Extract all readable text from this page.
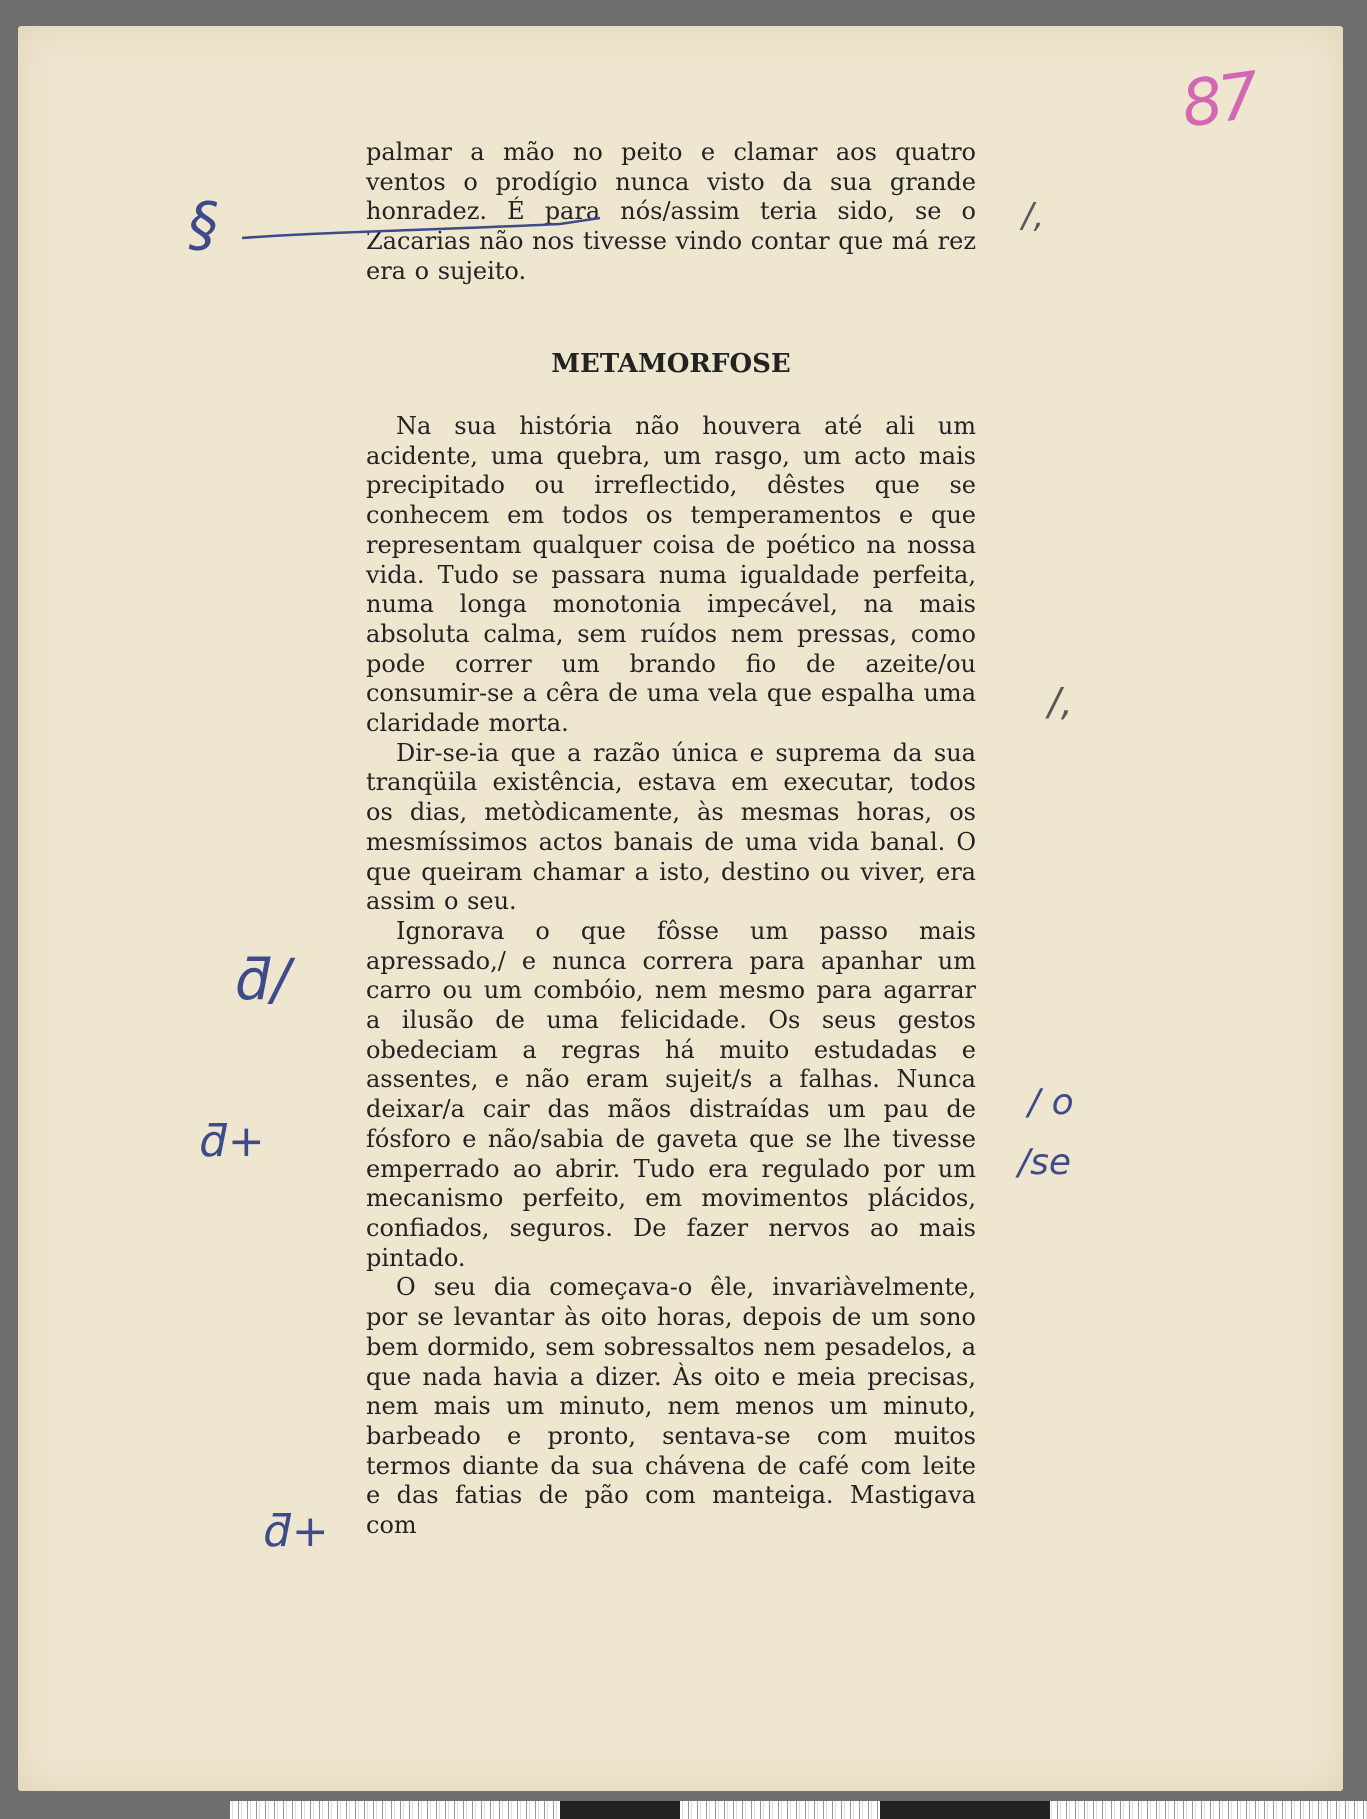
87

palmar a mão no peito e clamar aos quatro ventos o prodígio nunca visto da sua grande honradez. É para nós/assim teria sido, se o Zacarias não nos tivesse vindo contar que má rez era o sujeito.

METAMORFOSE

Na sua história não houvera até ali um acidente, uma quebra, um rasgo, um acto mais precipitado ou irreflectido, dêstes que se conhecem em todos os temperamentos e que representam qualquer coisa de poético na nossa vida. Tudo se passara numa igualdade perfeita, numa longa monotonia impecável, na mais absoluta calma, sem ruídos nem pressas, como pode correr um brando fio de azeite/ou consumir-se a cêra de uma vela que espalha uma claridade morta.

Dir-se-ia que a razão única e suprema da sua tranqüila existência, estava em executar, todos os dias, metòdicamente, às mesmas horas, os mesmíssimos actos banais de uma vida banal. O que queiram chamar a isto, destino ou viver, era assim o seu.

Ignorava o que fôsse um passo mais apressado,/ e nunca correra para apanhar um carro ou um combóio, nem mesmo para agarrar a ilusão de uma felicidade. Os seus gestos obedeciam a regras há muito estudadas e assentes, e não eram sujeit/s a falhas. Nunca deixar/a cair das mãos distraídas um pau de fósforo e não/sabia de gaveta que se lhe tivesse emperrado ao abrir. Tudo era regulado por um mecanismo perfeito, em movimentos plácidos, confiados, seguros. De fazer nervos ao mais pintado.

O seu dia começava-o êle, invariàvelmente, por se levantar às oito horas, depois de um sono bem dormido, sem sobressaltos nem pesadelos, a que nada havia a dizer. Às oito e meia precisas, nem mais um minuto, nem menos um minuto, barbeado e pronto, sentava-se com muitos termos diante da sua chávena de café com leite e das fatias de pão com manteiga. Mastigava com

§	/,
/,
/ o
/se
ƌ/
ƌ+
ƌ+
